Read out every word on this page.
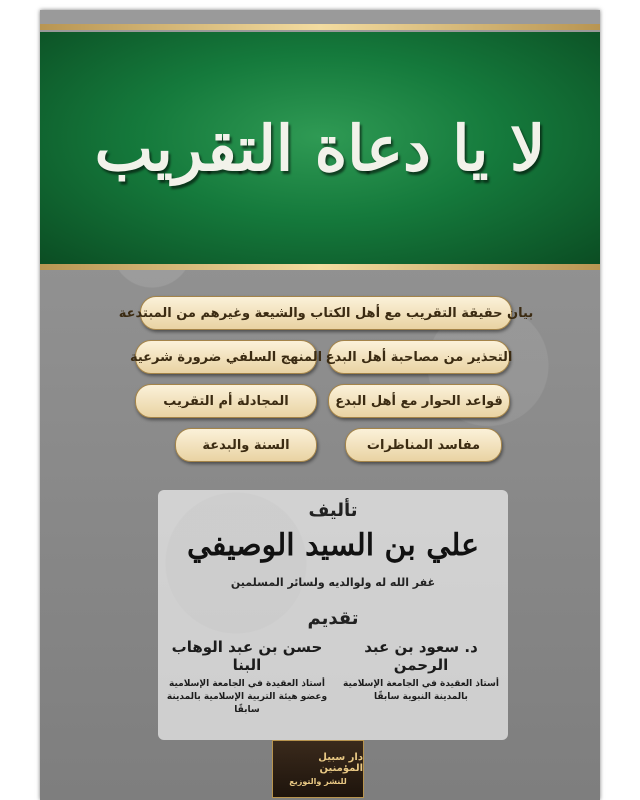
لا يا دعاة التقريب
بيان حقيقة التقريب مع أهل الكتاب والشيعة وغيرهم من المبتدعة
التحذير من مصاحبة أهل البدع
المنهج السلفي ضرورة شرعية
قواعد الحوار مع أهل البدع
المجادلة أم التقريب
مفاسد المناظرات
السنة والبدعة
تأليف
علي بن السيد الوصيفي
غفر الله له ولوالديه ولسائر المسلمين
تقديم
د. سعود بن عبد الرحمن
أستاذ العقيدة في الجامعة الإسلامية
بالمدينة النبوية سابقًا
حسن بن عبد الوهاب البنا
أستاذ العقيدة في الجامعة الإسلامية
وعضو هيئة التربية الإسلامية بالمدينة سابقًا
دار سبيل المؤمنين
للنشر والتوزيع
